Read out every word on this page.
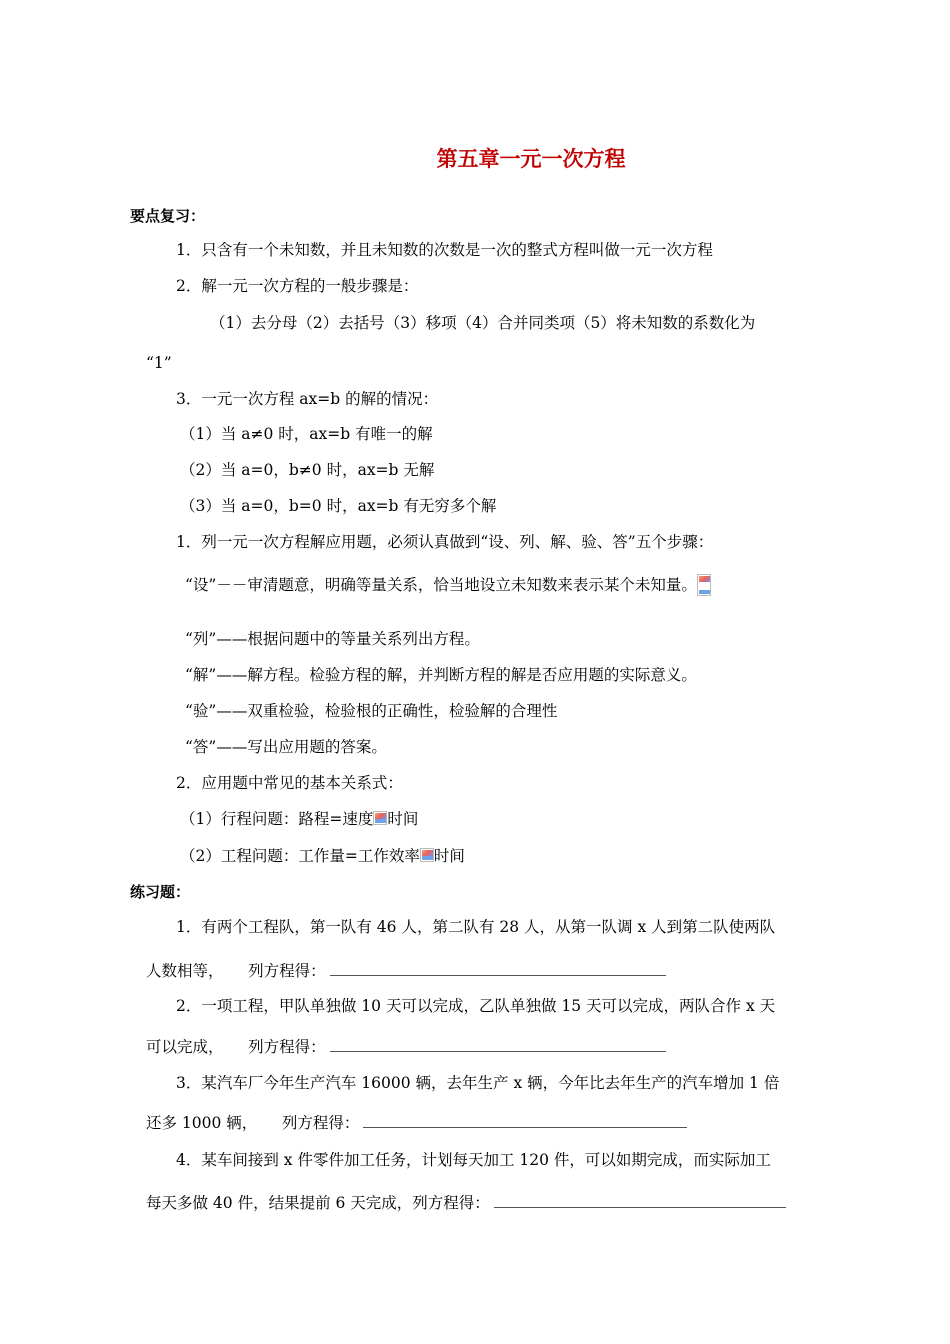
第五章一元一次方程
要点复习：
1．只含有一个未知数，并且未知数的次数是一次的整式方程叫做一元一次方程
2．解一元一次方程的一般步骤是：
（1）去分母（2）去括号（3）移项（4）合并同类项（5）将未知数的系数化为
“1”
3．一元一次方程 ax=b 的解的情况：
（1）当 a≠0 时，ax=b 有唯一的解
（2）当 a=0，b≠0 时，ax=b 无解
（3）当 a=0，b=0 时，ax=b 有无穷多个解
1．列一元一次方程解应用题，必须认真做到“设、列、解、验、答”五个步骤：
“设”－－审清题意，明确等量关系，恰当地设立未知数来表示某个未知量。
“列”——根据问题中的等量关系列出方程。
“解”——解方程。检验方程的解，并判断方程的解是否应用题的实际意义。
“验”——双重检验，检验根的正确性，检验解的合理性
“答”——写出应用题的答案。
2．应用题中常见的基本关系式：
（1）行程问题：路程=速度 时间
（2）工程问题：工作量=工作效率 时间
练习题：
1．有两个工程队，第一队有 46 人，第二队有 28 人，从第一队调 x 人到第二队使两队
人数相等，     列方程得：
2．一项工程，甲队单独做 10 天可以完成，乙队单独做 15 天可以完成，两队合作 x 天
可以完成，     列方程得：
3．某汽车厂今年生产汽车 16000 辆，去年生产 x 辆，今年比去年生产的汽车增加 1 倍
还多 1000 辆，     列方程得：
4．某车间接到 x 件零件加工任务，计划每天加工 120 件，可以如期完成，而实际加工
每天多做 40 件，结果提前 6 天完成，列方程得：
